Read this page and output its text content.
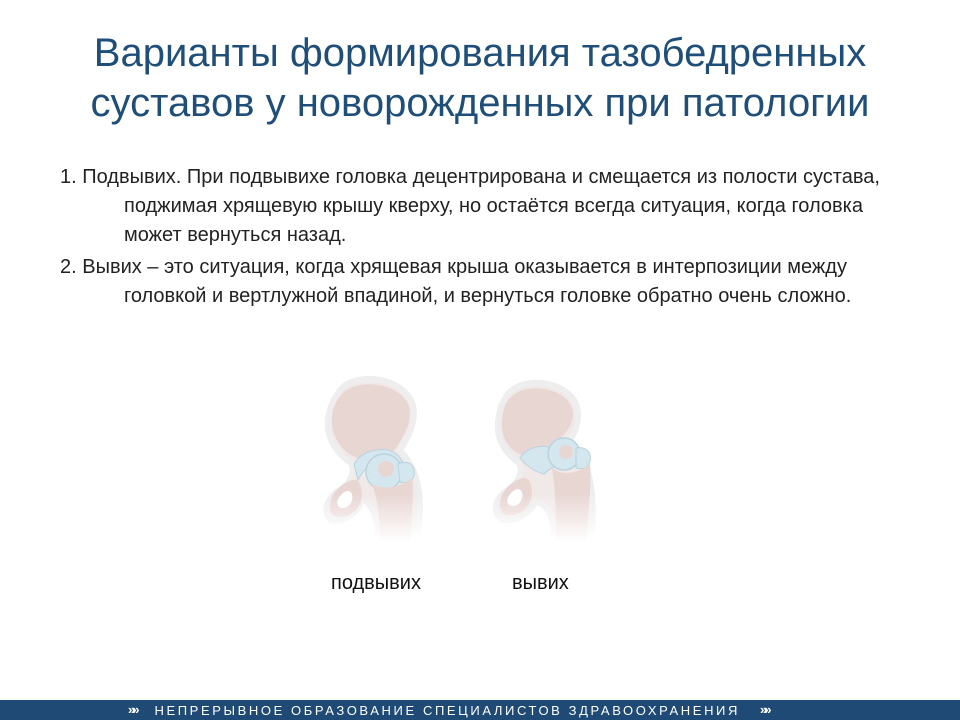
Варианты формирования тазобедренных
суставов у новорожденных при патологии
1. Подвывих. При подвывихе головка децентрирована и смещается из полости сустава, поджимая хрящевую крышу кверху, но остаётся всегда ситуация, когда головка может вернуться назад.
2. Вывих – это ситуация, когда хрящевая крыша оказывается в интерпозиции между головкой и вертлужной впадиной, и вернуться головке обратно очень сложно.
подвывих	вывих
»» НЕПРЕРЫВНОЕ ОБРАЗОВАНИЕ СПЕЦИАЛИСТОВ ЗДРАВООХРАНЕНИЯ »»
